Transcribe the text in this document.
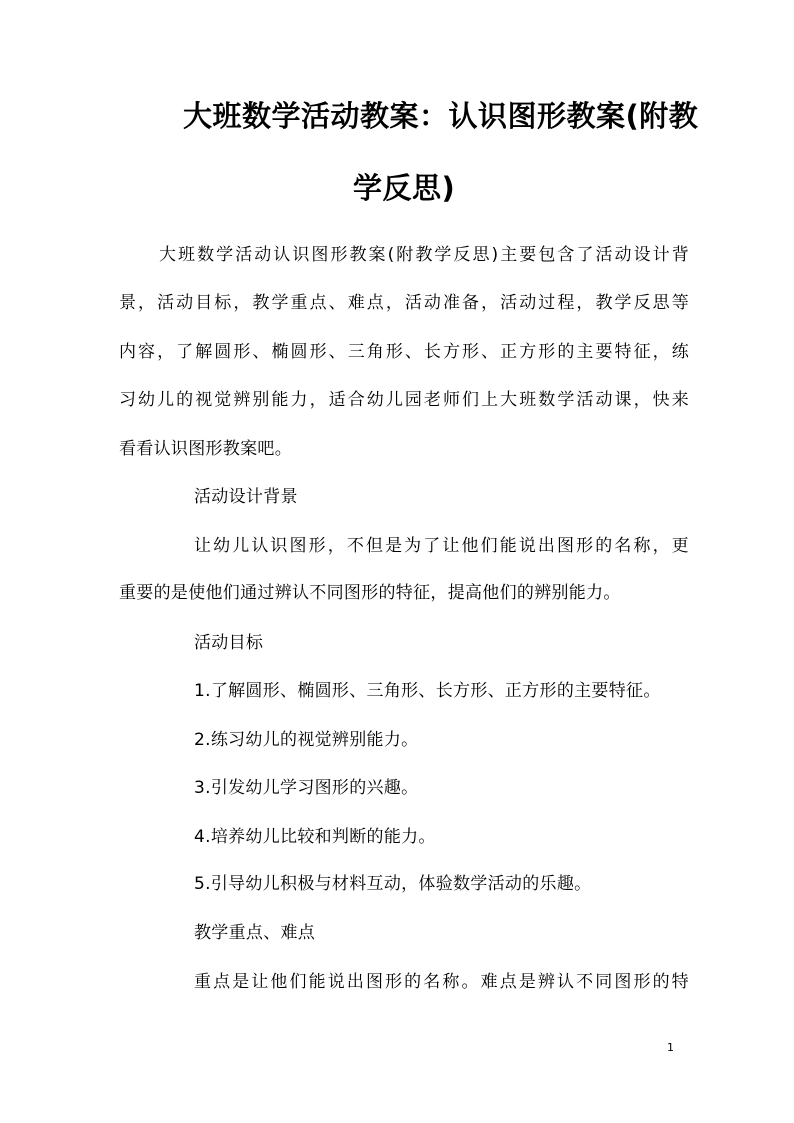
大班数学活动教案：认识图形教案(附教
学反思)
大班数学活动认识图形教案(附教学反思)主要包含了活动设计背
景，活动目标，教学重点、难点，活动准备，活动过程，教学反思等
内容，了解圆形、椭圆形、三角形、长方形、正方形的主要特征，练
习幼儿的视觉辨别能力，适合幼儿园老师们上大班数学活动课，快来
看看认识图形教案吧。
活动设计背景
让幼儿认识图形，不但是为了让他们能说出图形的名称，更
重要的是使他们通过辨认不同图形的特征，提高他们的辨别能力。
活动目标
1.了解圆形、椭圆形、三角形、长方形、正方形的主要特征。
2.练习幼儿的视觉辨别能力。
3.引发幼儿学习图形的兴趣。
4.培养幼儿比较和判断的能力。
5.引导幼儿积极与材料互动，体验数学活动的乐趣。
教学重点、难点
重点是让他们能说出图形的名称。难点是辨认不同图形的特
1
